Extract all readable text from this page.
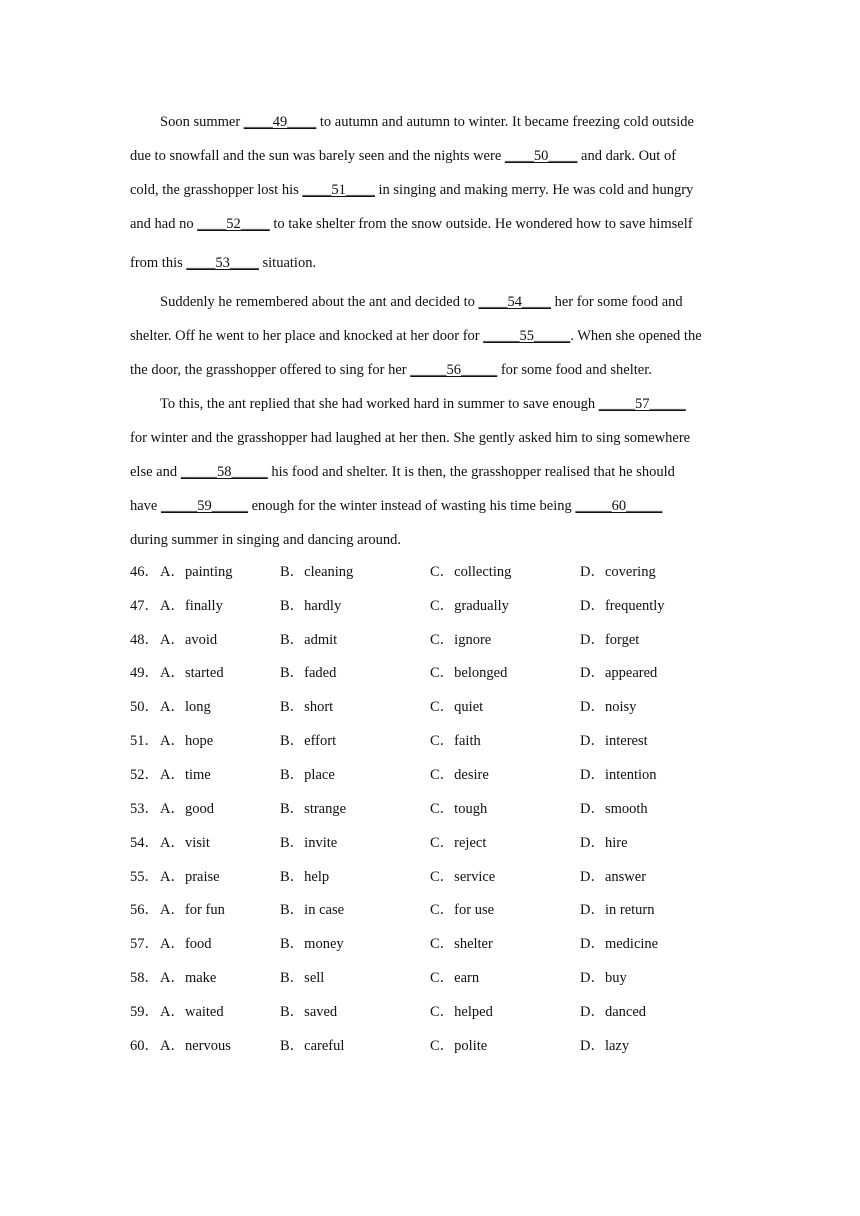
Soon summer ____49____ to autumn and autumn to winter. It became freezing cold outside
due to snowfall and the sun was barely seen and the nights were ____50____ and dark. Out of
cold, the grasshopper lost his ____51____ in singing and making merry. He was cold and hungry
and had no ____52____ to take shelter from the snow outside. He wondered how to save himself
from this ____53____ situation.
Suddenly he remembered about the ant and decided to ____54____ her for some food and
shelter. Off he went to her place and knocked at her door for _____55_____. When she opened the
the door, the grasshopper offered to sing for her _____56_____ for some food and shelter.
To this, the ant replied that she had worked hard in summer to save enough _____57_____
for winter and the grasshopper had laughed at her then. She gently asked him to sing somewhere
else and _____58_____ his food and shelter. It is then, the grasshopper realised that he should
have _____59_____ enough for the winter instead of wasting his time being _____60_____
during summer in singing and dancing around.
46． A．painting	B．cleaning	C．collecting	D．covering
47． A．finally	B．hardly	C．gradually	D．frequently
48． A．avoid	B．admit	C．ignore	D．forget
49． A．started	B．faded	C．belonged	D．appeared
50． A．long	B．short	C．quiet	D．noisy
51． A．hope	B．effort	C．faith	D．interest
52． A．time	B．place	C．desire	D．intention
53． A．good	B．strange	C．tough	D．smooth
54． A．visit	B．invite	C．reject	D．hire
55． A．praise	B．help	C．service	D．answer
56． A．for fun	B．in case	C．for use	D．in return
57． A．food	B．money	C．shelter	D．medicine
58． A．make	B．sell	C．earn	D．buy
59． A．waited	B．saved	C．helped	D．danced
60． A．nervous	B．careful	C．polite	D．lazy
